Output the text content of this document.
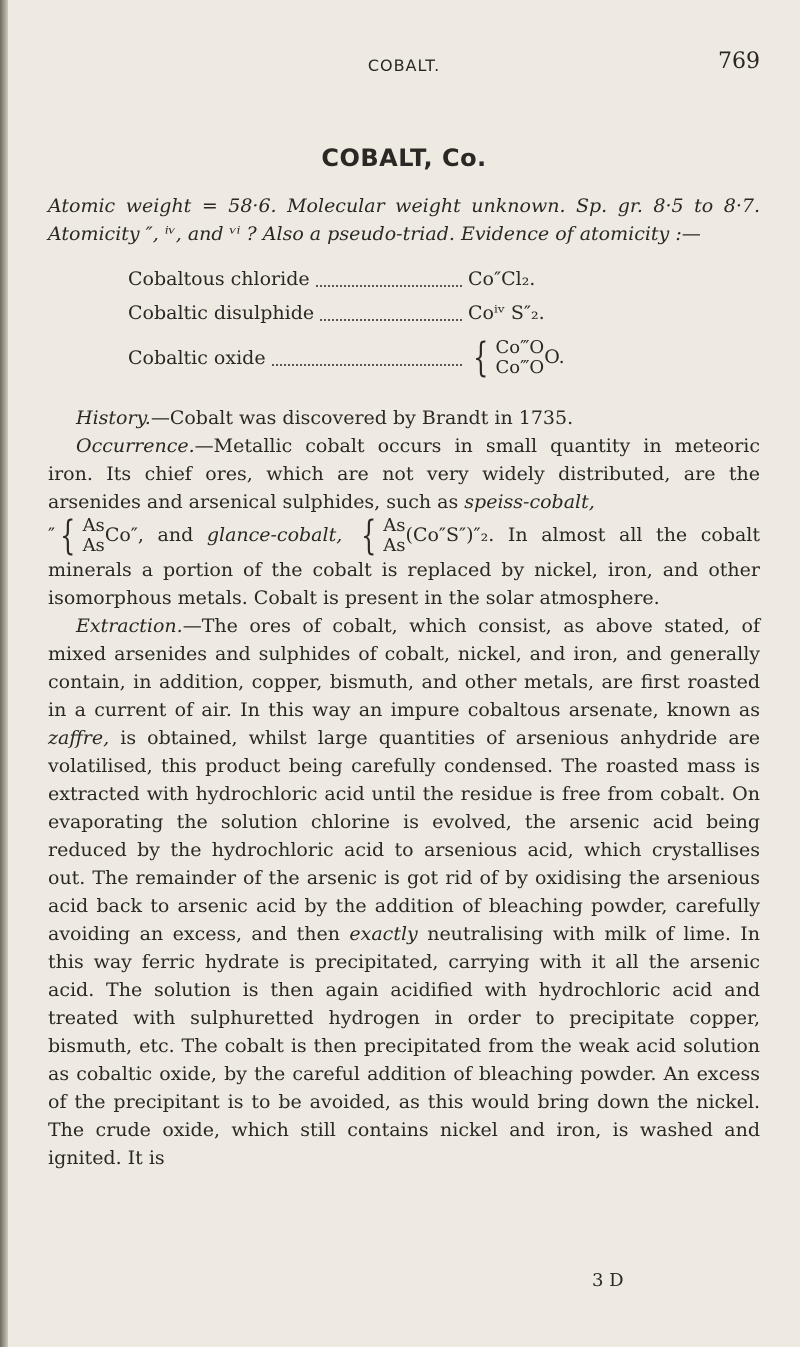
COBALT.	769
COBALT, Co.

Atomic weight = 58·6. Molecular weight unknown. Sp. gr. 8·5 to 8·7. Atomicity ″, ⁱᵛ, and ᵛⁱ ? Also a pseudo-triad. Evidence of atomicity :—

Cobaltous chloride	Co″Cl₂.
Cobaltic disulphide	Coⁱᵛ S″₂.
Cobaltic oxide	{ Co‴O
Co‴O O.

History.—Cobalt was discovered by Brandt in 1735.

Occurrence.—Metallic cobalt occurs in small quantity in meteoric iron. Its chief ores, which are not very widely distributed, are the arsenides and arsenical sulphides, such as speiss-cobalt,

″ { As
As Co″, and glance-cobalt, { As
As (Co″S″)″₂. In almost all the cobalt minerals a portion of the cobalt is replaced by nickel, iron, and other isomorphous metals. Cobalt is present in the solar atmosphere.

Extraction.—The ores of cobalt, which consist, as above stated, of mixed arsenides and sulphides of cobalt, nickel, and iron, and generally contain, in addition, copper, bismuth, and other metals, are first roasted in a current of air. In this way an impure cobaltous arsenate, known as zaffre, is obtained, whilst large quantities of arsenious anhydride are volatilised, this product being carefully condensed. The roasted mass is extracted with hydrochloric acid until the residue is free from cobalt. On evaporating the solution chlorine is evolved, the arsenic acid being reduced by the hydrochloric acid to arsenious acid, which crystallises out. The remainder of the arsenic is got rid of by oxidising the arsenious acid back to arsenic acid by the addition of bleaching powder, carefully avoiding an excess, and then exactly neutralising with milk of lime. In this way ferric hydrate is precipitated, carrying with it all the arsenic acid. The solution is then again acidified with hydrochloric acid and treated with sulphuretted hydrogen in order to precipitate copper, bismuth, etc. The cobalt is then precipitated from the weak acid solution as cobaltic oxide, by the careful addition of bleaching powder. An excess of the precipitant is to be avoided, as this would bring down the nickel. The crude oxide, which still contains nickel and iron, is washed and ignited. It is

3 D
